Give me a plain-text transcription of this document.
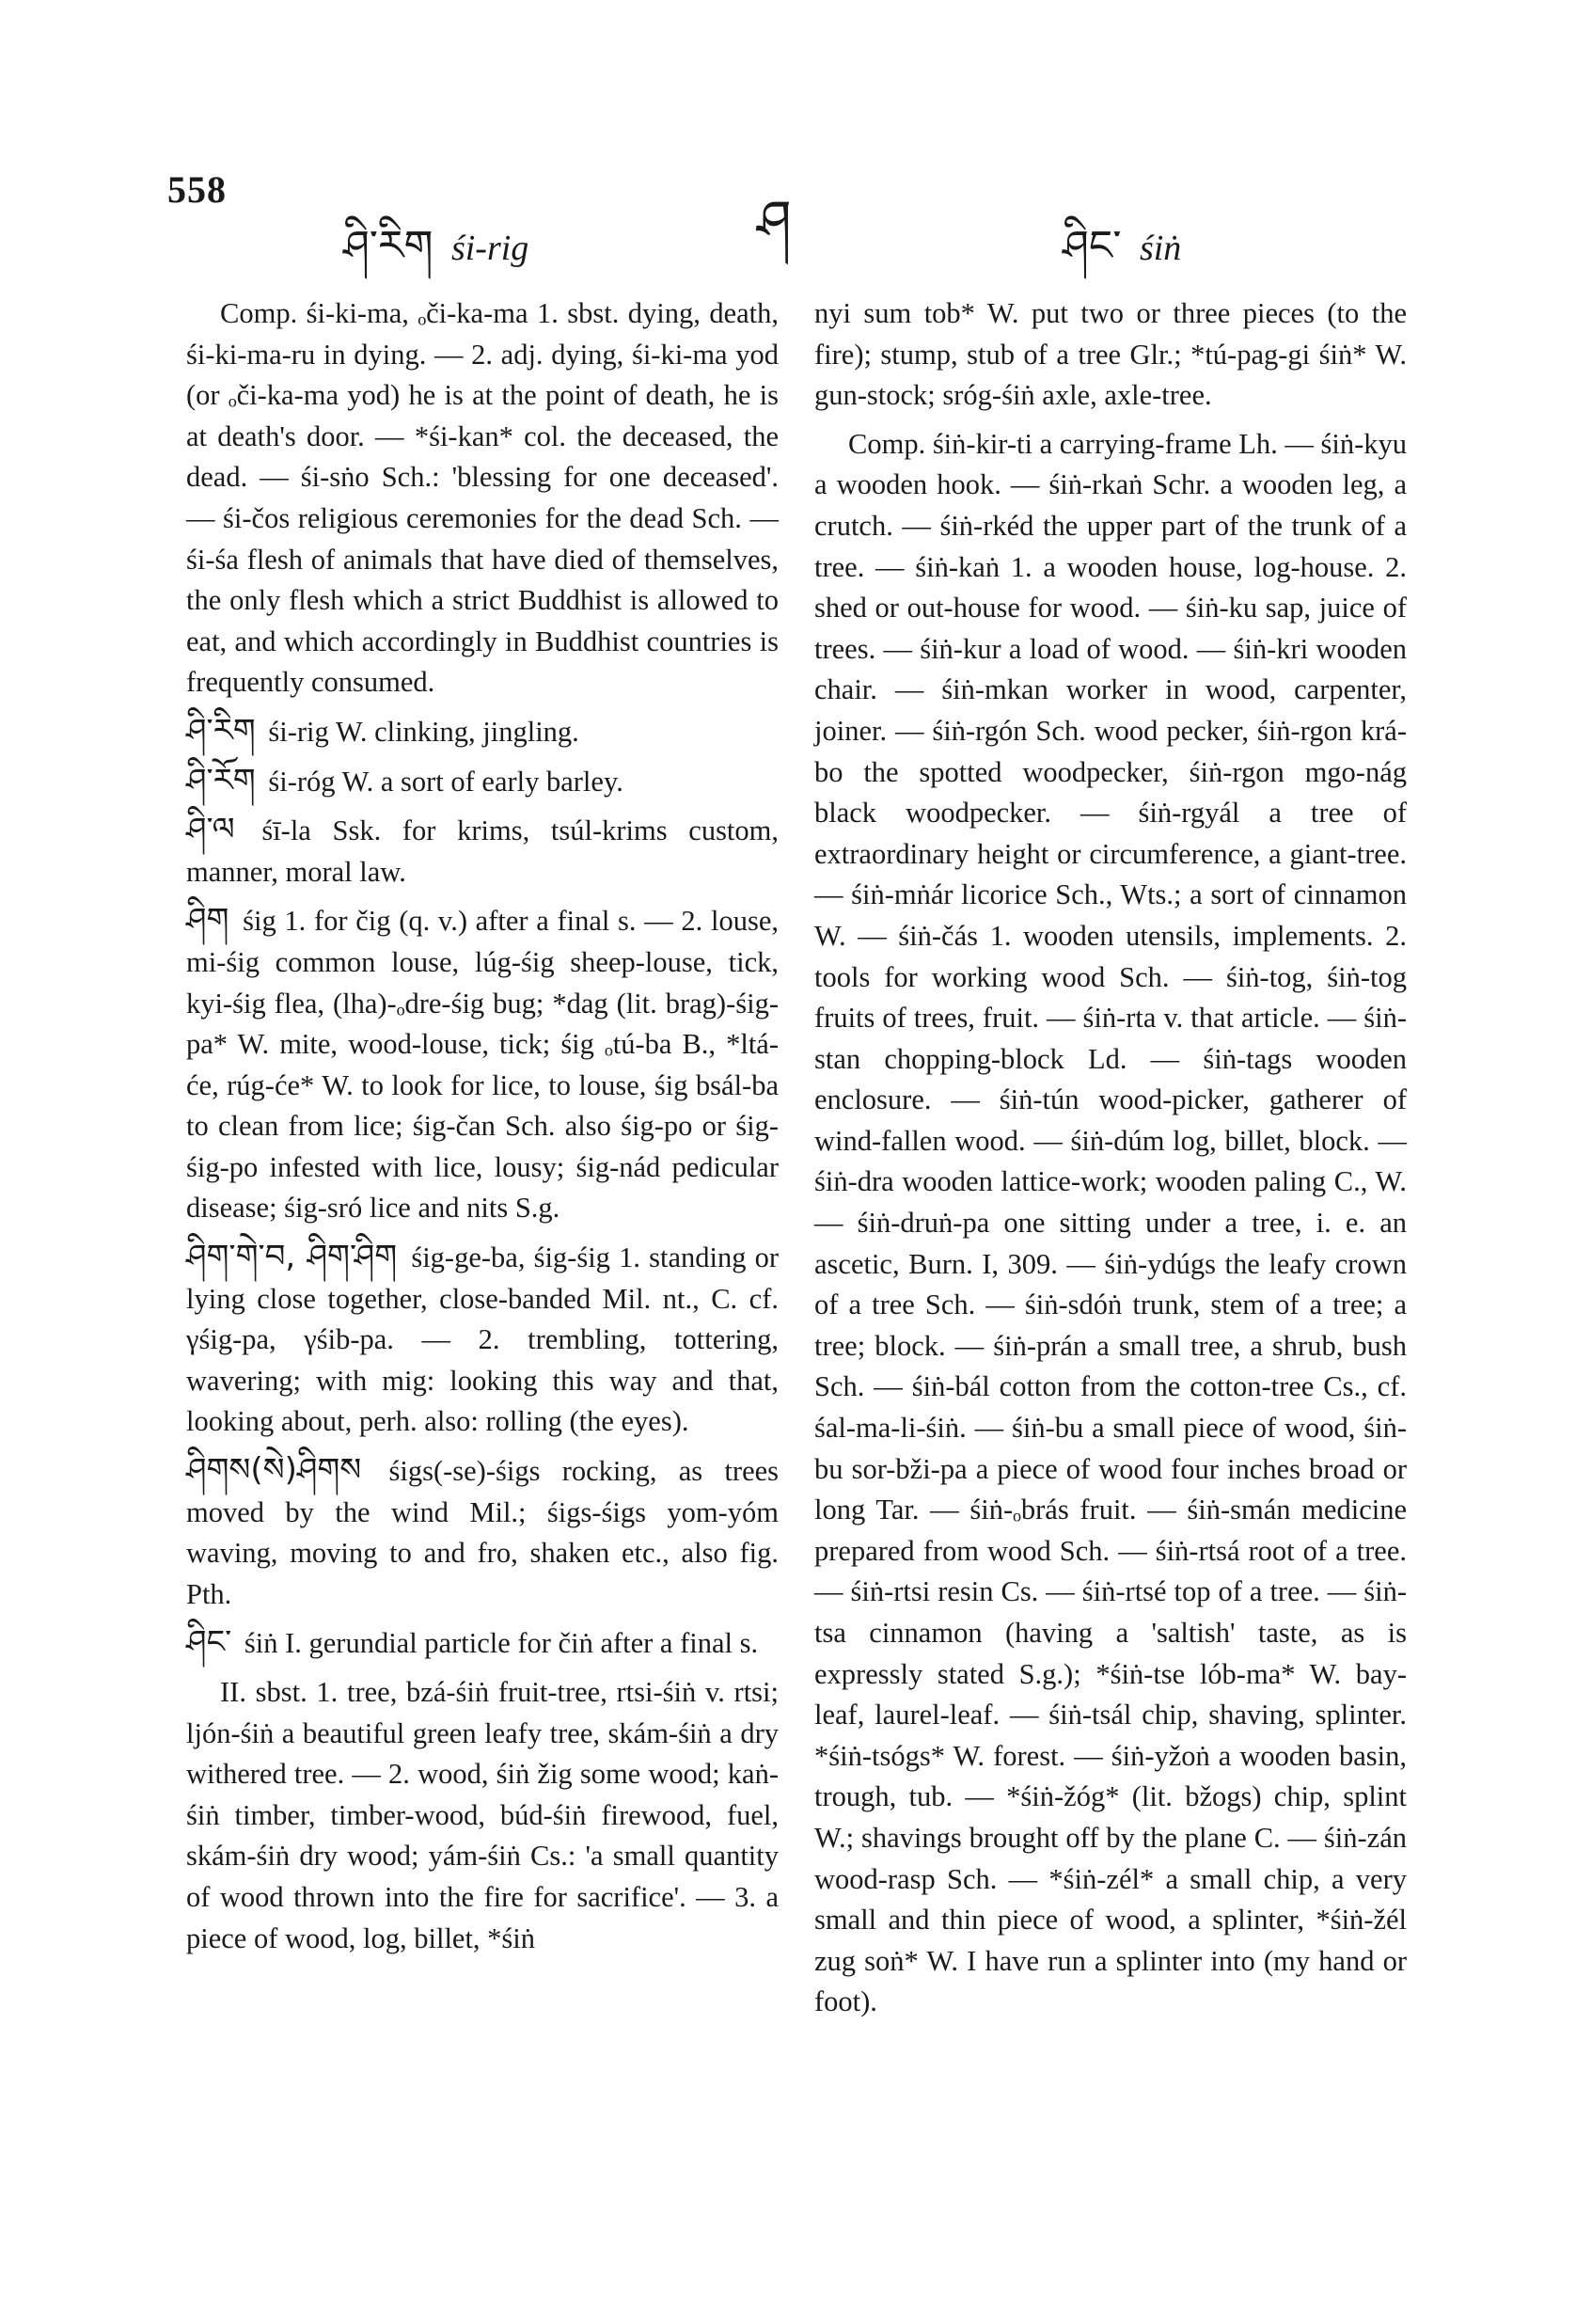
558
ཤི་རིག śi-rig	ཤ	ཤིང་ śiṅ

Comp. śi-ki-ma, ₒči-ka-ma 1. sbst. dying, death, śi-ki-ma-ru in dying. — 2. adj. dying, śi-ki-ma yod (or ₒči-ka-ma yod) he is at the point of death, he is at death's door. — *śi-kan* col. the deceased, the dead. — śi-sṅo Sch.: 'blessing for one deceased'. — śi-čos religious ceremonies for the dead Sch. — śi-śa flesh of animals that have died of themselves, the only flesh which a strict Buddhist is allowed to eat, and which accordingly in Buddhist countries is frequently consumed.

ཤི་རིག śi-rig W. clinking, jingling.

ཤི་རོག śi-róg W. a sort of early barley.

ཤི་ལ śī-la Ssk. for krims, tsúl-krims custom, manner, moral law.

ཤིག śig 1. for čig (q. v.) after a final s. — 2. louse, mi-śig common louse, lúg-śig sheep-louse, tick, kyi-śig flea, (lha)-ₒdre-śig bug; *dag (lit. brag)-śig-pa* W. mite, wood-louse, tick; śig ₒtú-ba B., *ltá-će, rúg-će* W. to look for lice, to louse, śig bsál-ba to clean from lice; śig-čan Sch. also śig-po or śig-śig-po infested with lice, lousy; śig-nád pedicular disease; śig-sró lice and nits S.g.

ཤིག་གེ་བ, ཤིག་ཤིག śig-ge-ba, śig-śig 1. standing or lying close together, close-banded Mil. nt., C. cf. γśig-pa, γśib-pa. — 2. trembling, tottering, wavering; with mig: looking this way and that, looking about, perh. also: rolling (the eyes).

ཤིགས(སེ)ཤིགས śigs(-se)-śigs rocking, as trees moved by the wind Mil.; śigs-śigs yom-yóm waving, moving to and fro, shaken etc., also fig. Pth.

ཤིང་ śiṅ I. gerundial particle for čiṅ after a final s.

II. sbst. 1. tree, bzá-śiṅ fruit-tree, rtsi-śiṅ v. rtsi; ljón-śiṅ a beautiful green leafy tree, skám-śiṅ a dry withered tree. — 2. wood, śiṅ žig some wood; kaṅ-śiṅ timber, timber-wood, búd-śiṅ firewood, fuel, skám-śiṅ dry wood; yám-śiṅ Cs.: 'a small quantity of wood thrown into the fire for sacrifice'. — 3. a piece of wood, log, billet, *śiṅ

nyi sum tob* W. put two or three pieces (to the fire); stump, stub of a tree Glr.; *tú-pag-gi śiṅ* W. gun-stock; sróg-śiṅ axle, axle-tree.

Comp. śiṅ-kir-ti a carrying-frame Lh. — śiṅ-kyu a wooden hook. — śiṅ-rkaṅ Schr. a wooden leg, a crutch. — śiṅ-rkéd the upper part of the trunk of a tree. — śiṅ-kaṅ 1. a wooden house, log-house. 2. shed or out-house for wood. — śiṅ-ku sap, juice of trees. — śiṅ-kur a load of wood. — śiṅ-kri wooden chair. — śiṅ-mkan worker in wood, carpenter, joiner. — śiṅ-rgón Sch. wood pecker, śiṅ-rgon krá-bo the spotted woodpecker, śiṅ-rgon mgo-nág black woodpecker. — śiṅ-rgyál a tree of extraordinary height or circumference, a giant-tree. — śiṅ-mṅár licorice Sch., Wts.; a sort of cinnamon W. — śiṅ-čás 1. wooden utensils, implements. 2. tools for working wood Sch. — śiṅ-tog, śiṅ-tog fruits of trees, fruit. — śiṅ-rta v. that article. — śiṅ-stan chopping-block Ld. — śiṅ-tags wooden enclosure. — śiṅ-tún wood-picker, gatherer of wind-fallen wood. — śiṅ-dúm log, billet, block. — śiṅ-dra wooden lattice-work; wooden paling C., W. — śiṅ-druṅ-pa one sitting under a tree, i. e. an ascetic, Burn. I, 309. — śiṅ-ydúgs the leafy crown of a tree Sch. — śiṅ-sdóṅ trunk, stem of a tree; a tree; block. — śiṅ-prán a small tree, a shrub, bush Sch. — śiṅ-bál cotton from the cotton-tree Cs., cf. śal-ma-li-śiṅ. — śiṅ-bu a small piece of wood, śiṅ-bu sor-bži-pa a piece of wood four inches broad or long Tar. — śiṅ-ₒbrás fruit. — śiṅ-smán medicine prepared from wood Sch. — śiṅ-rtsá root of a tree. — śiṅ-rtsi resin Cs. — śiṅ-rtsé top of a tree. — śiṅ-tsa cinnamon (having a 'saltish' taste, as is expressly stated S.g.); *śiṅ-tse lób-ma* W. bay-leaf, laurel-leaf. — śiṅ-tsál chip, shaving, splinter. *śiṅ-tsógs* W. forest. — śiṅ-yžoṅ a wooden basin, trough, tub. — *śiṅ-žóg* (lit. bžogs) chip, splint W.; shavings brought off by the plane C. — śiṅ-zán wood-rasp Sch. — *śiṅ-zél* a small chip, a very small and thin piece of wood, a splinter, *śiṅ-žél zug soṅ* W. I have run a splinter into (my hand or foot).
